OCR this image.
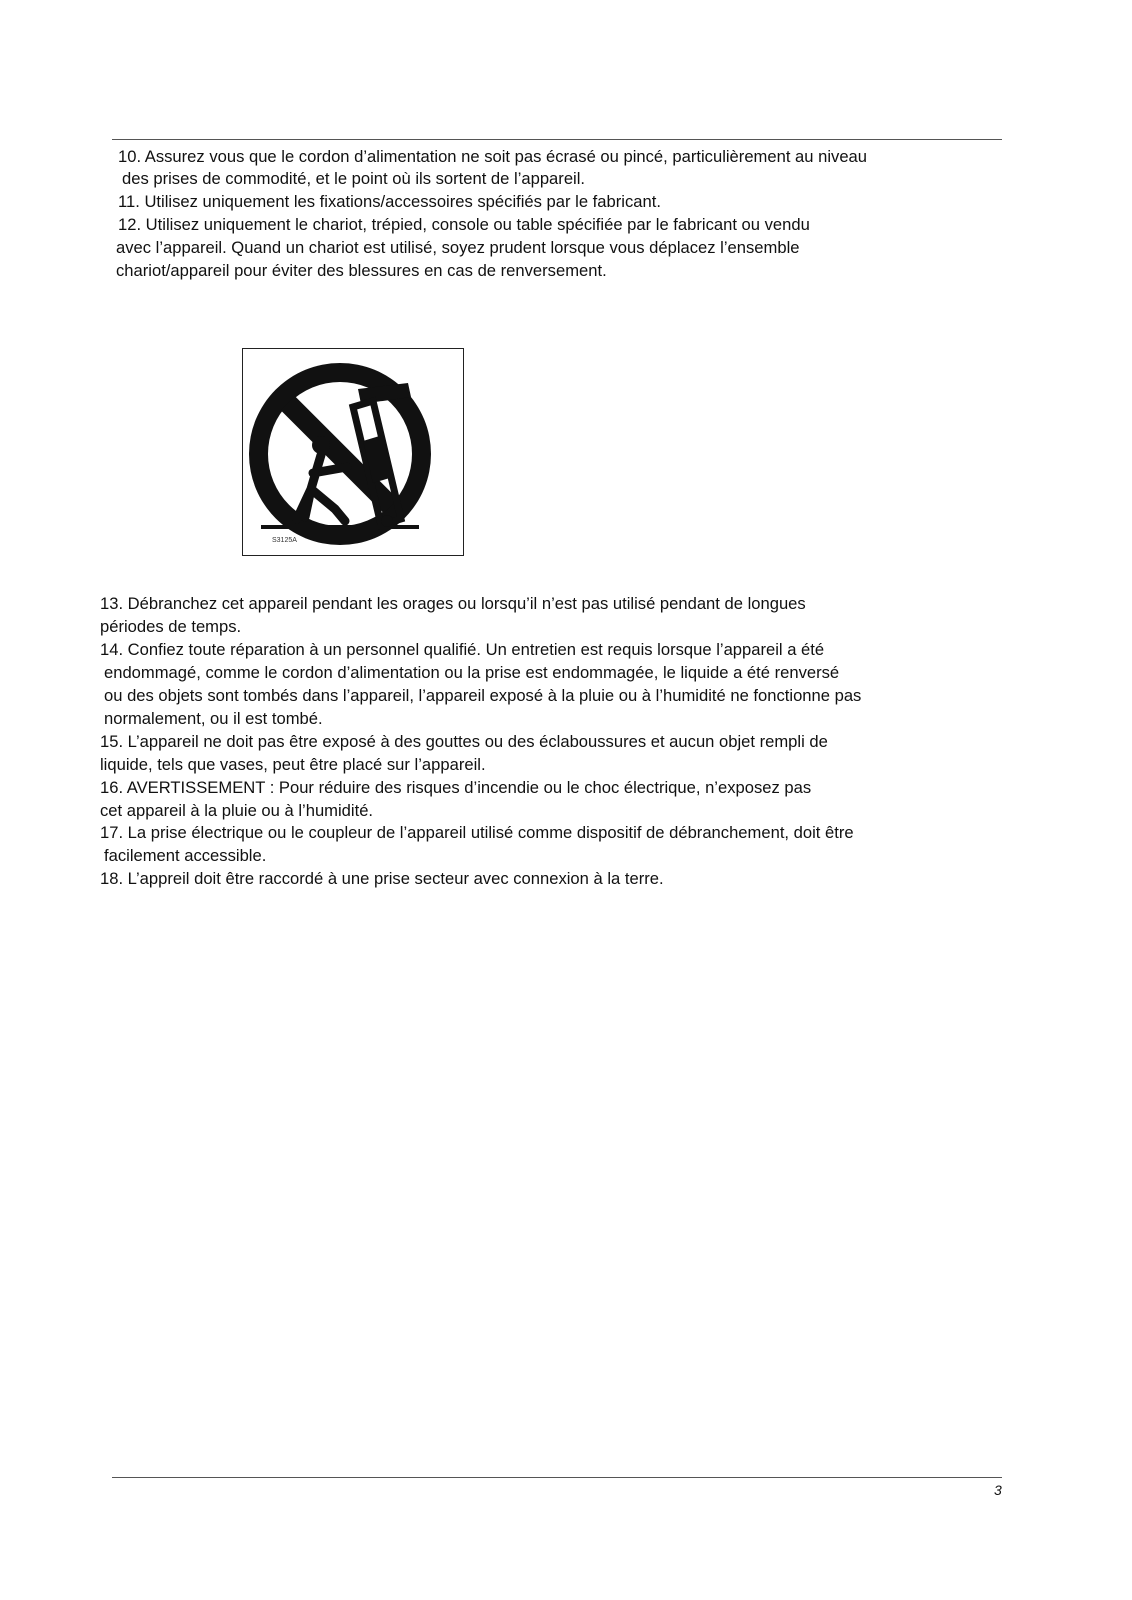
10. Assurez vous que le cordon d’alimentation ne soit pas écrasé ou pincé, particulièrement au niveau
des prises de commodité, et le point où ils sortent de l’appareil.
11. Utilisez uniquement les fixations/accessoires spécifiés par le fabricant.
12. Utilisez uniquement le chariot, trépied, console ou table spécifiée par le fabricant ou vendu
avec l’appareil. Quand un chariot est utilisé, soyez prudent lorsque vous déplacez l’ensemble
chariot/appareil pour éviter des blessures en cas de renversement.
S3125A
13. Débranchez cet appareil pendant les orages ou lorsqu’il n’est pas utilisé pendant de longues
périodes de temps.
14. Confiez toute réparation à un personnel qualifié. Un entretien est requis lorsque l’appareil a été
endommagé, comme le cordon d’alimentation ou la prise est endommagée, le liquide a été renversé
ou des objets sont tombés dans l’appareil, l’appareil exposé à la pluie ou à l’humidité ne fonctionne pas
normalement, ou il est tombé.
15. L’appareil ne doit pas être exposé à des gouttes ou des éclaboussures et aucun objet rempli de
liquide, tels que vases, peut être placé sur l’appareil.
16. AVERTISSEMENT : Pour réduire des risques d’incendie ou le choc électrique, n’exposez pas
cet appareil à la pluie ou à l’humidité.
17. La prise électrique ou le coupleur de l’appareil utilisé comme dispositif de débranchement, doit être
facilement accessible.
18. L’appreil doit être raccordé à une prise secteur avec connexion à la terre.
3
